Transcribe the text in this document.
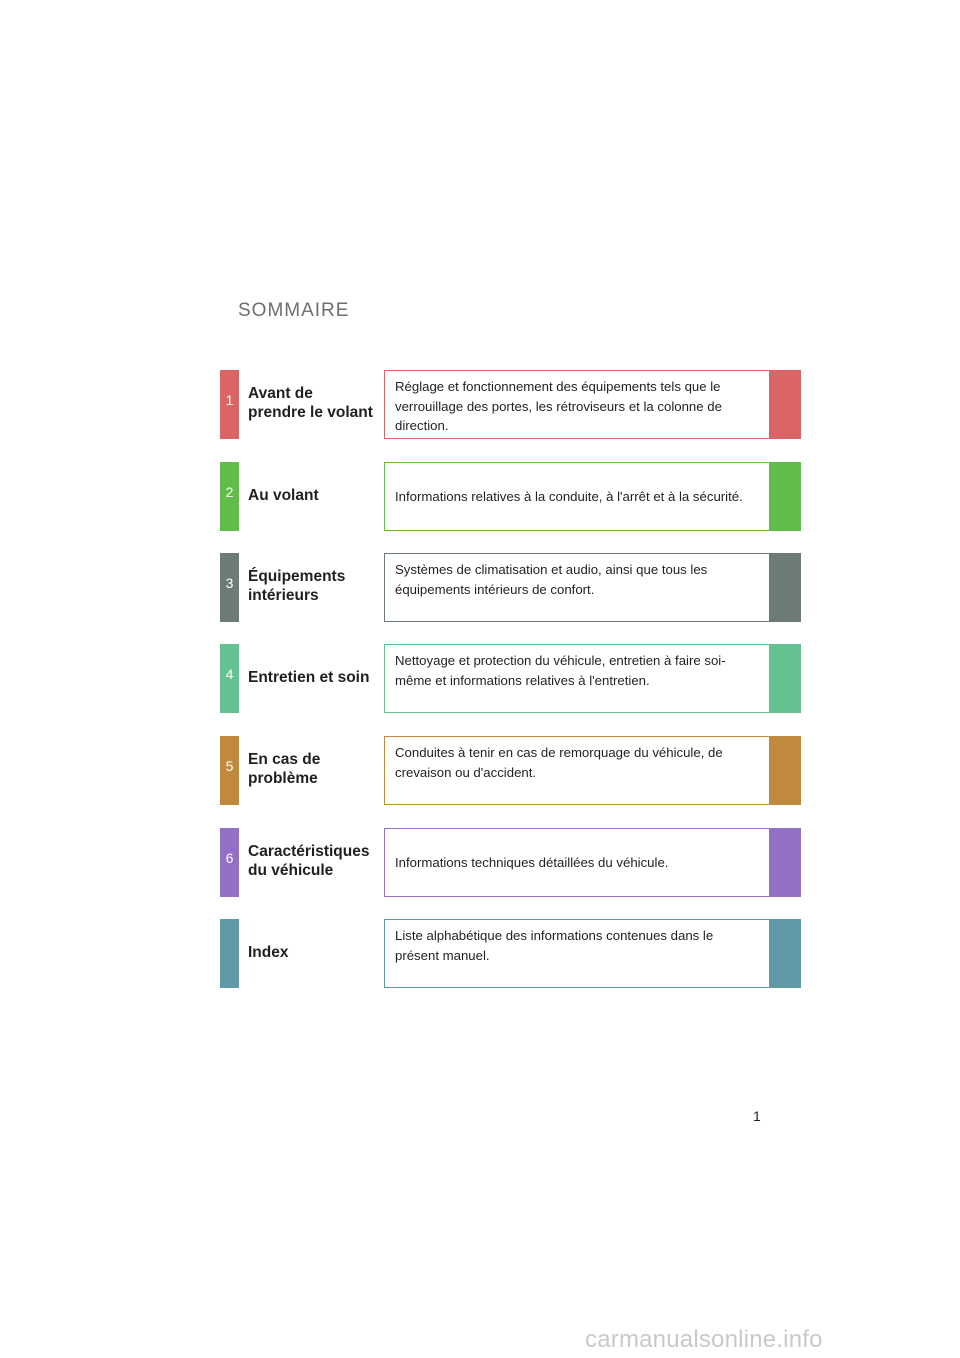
SOMMAIRE
1 Avant de
prendre le volant
Réglage et fonctionnement des équipements tels que le
verrouillage des portes, les rétroviseurs et la colonne de
direction.
2 Au volant	Informations relatives à la conduite, à l'arrêt et à la sécurité.
3 Équipements
intérieurs
Systèmes de climatisation et audio, ainsi que tous les
équipements intérieurs de confort.
4 Entretien et soin
Nettoyage et protection du véhicule, entretien à faire soi-
même et informations relatives à l'entretien.
5 En cas de
problème
Conduites à tenir en cas de remorquage du véhicule, de
crevaison ou d'accident.
6 Caractéristiques
du véhicule	Informations techniques détaillées du véhicule.
Index
Liste alphabétique des informations contenues dans le
présent manuel.
1
carmanualsonline.info
